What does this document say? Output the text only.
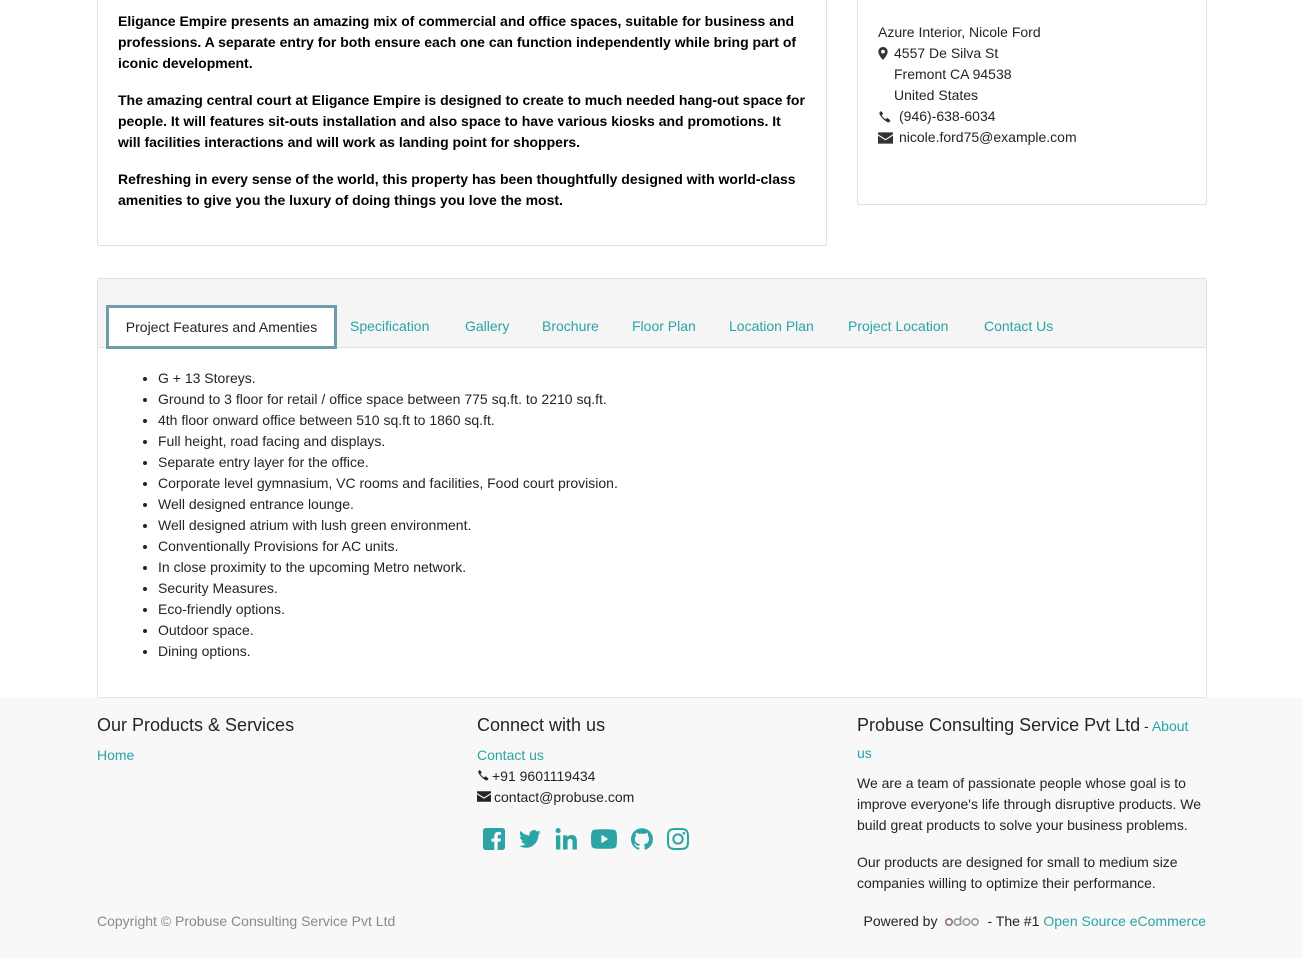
Eligance Empire presents an amazing mix of commercial and office spaces, suitable for business and professions. A separate entry for both ensure each one can function independently while bring part of iconic development.

The amazing central court at Eligance Empire is designed to create to much needed hang-out space for people. It will features sit-outs installation and also space to have various kiosks and promotions. It will facilities interactions and will work as landing point for shoppers.

Refreshing in every sense of the world, this property has been thoughtfully designed with world-class amenities to give you the luxury of doing things you love the most.

Azure Interior, Nicole Ford
4557 De Silva St
Fremont CA 94538
United States
(946)-638-6034
nicole.ford75@example.com
Project Features and Amenties	Specification	Gallery Brochure Floor Plan Location Plan Project Location	Contact Us
• G + 13 Storeys.
• Ground to 3 floor for retail / office space between 775 sq.ft. to 2210 sq.ft.
• 4th floor onward office between 510 sq.ft to 1860 sq.ft.
• Full height, road facing and displays.
• Separate entry layer for the office.
• Corporate level gymnasium, VC rooms and facilities, Food court provision.
• Well designed entrance lounge.
• Well designed atrium with lush green environment.
• Conventionally Provisions for AC units.
• In close proximity to the upcoming Metro network.
• Security Measures.
• Eco-friendly options.
• Outdoor space.
• Dining options.
Our Products & Services
Home
Connect with us
Contact us
+91 9601119434
contact@probuse.com
Probuse Consulting Service Pvt Ltd - About us

We are a team of passionate people whose goal is to improve everyone's life through disruptive products. We build great products to solve your business problems.

Our products are designed for small to medium size companies willing to optimize their performance.

Copyright © Probuse Consulting Service Pvt Ltd	Powered by	- The #1 Open Source eCommerce
